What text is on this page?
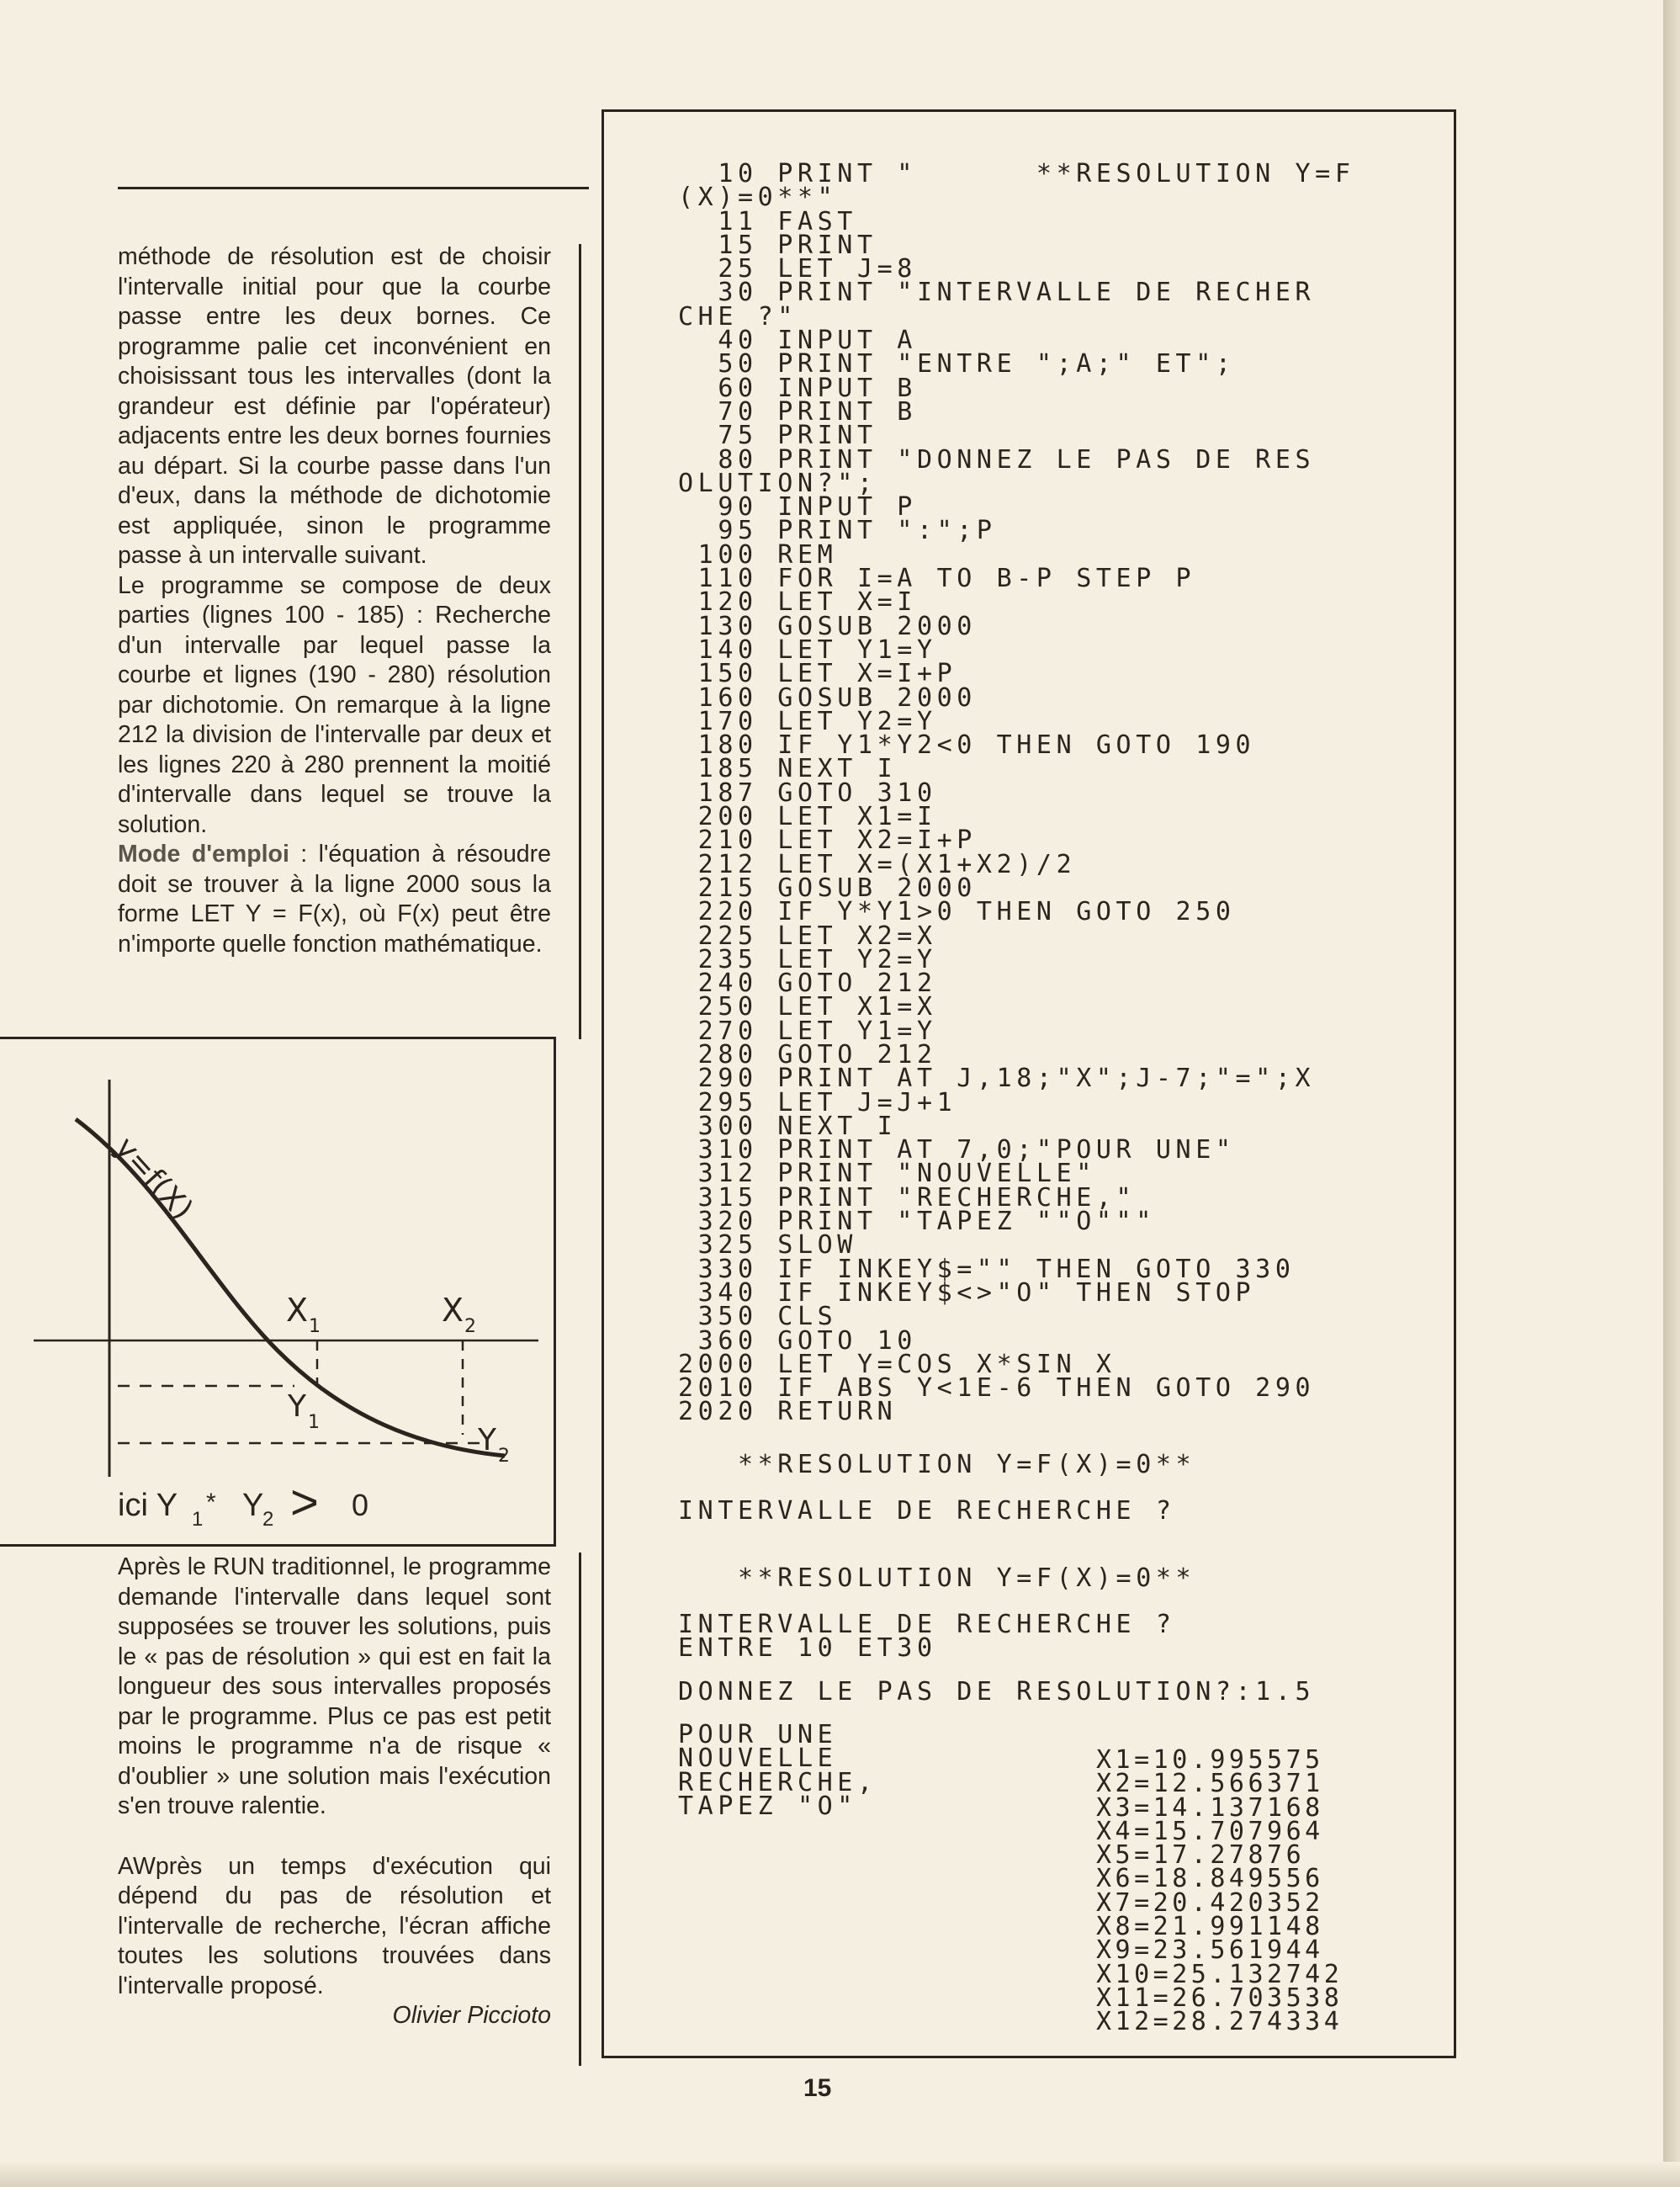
méthode de résolution est de choisir l'intervalle initial pour que la courbe passe entre les deux bornes. Ce programme palie cet inconvénient en choisissant tous les intervalles (dont la grandeur est définie par l'opérateur) adjacents entre les deux bornes fournies au départ. Si la courbe passe dans l'un d'eux, dans la méthode de dichotomie est appliquée, sinon le programme passe à un intervalle suivant.

Le programme se compose de deux parties (lignes 100 - 185) : Recherche d'un intervalle par lequel passe la courbe et lignes (190 - 280) résolution par dichotomie. On remarque à la ligne 212 la division de l'intervalle par deux et les lignes 220 à 280 prennent la moitié d'intervalle dans lequel se trouve la solution.

Mode d'emploi : l'équation à résoudre doit se trouver à la ligne 2000 sous la forme LET Y = F(x), où F(x) peut être n'importe quelle fonction mathématique.

y=f(X)
X 1	X 2
Y 1
Y 2
ici Y 1
* Y
2 > 0

Après le RUN traditionnel, le programme demande l'intervalle dans lequel sont supposées se trouver les solutions, puis le « pas de résolution » qui est en fait la longueur des sous intervalles proposés par le programme. Plus ce pas est petit moins le programme n'a de risque « d'oublier » une solution mais l'exécution s'en trouve ralentie.

AWprès un temps d'exécution qui dépend du pas de résolution et l'intervalle de recherche, l'écran affiche toutes les solutions trouvées dans l'intervalle proposé.

Olivier Piccioto

10 PRINT "      **RESOLUTION Y=F
(X)=0**"
11 FAST
15 PRINT
25 LET J=8
30 PRINT "INTERVALLE DE RECHER
CHE ?"
40 INPUT A
50 PRINT "ENTRE ";A;" ET";
60 INPUT B
70 PRINT B
75 PRINT
80 PRINT "DONNEZ LE PAS DE RES
OLUTION?";
90 INPUT P
95 PRINT ":";P
100 REM
110 FOR I=A TO B-P STEP P
120 LET X=I
130 GOSUB 2000
140 LET Y1=Y
150 LET X=I+P
160 GOSUB 2000
170 LET Y2=Y
180 IF Y1*Y2<0 THEN GOTO 190
185 NEXT I
187 GOTO 310
200 LET X1=I
210 LET X2=I+P
212 LET X=(X1+X2)/2
215 GOSUB 2000
220 IF Y*Y1>0 THEN GOTO 250
225 LET X2=X
235 LET Y2=Y
240 GOTO 212
250 LET X1=X
270 LET Y1=Y
280 GOTO 212
290 PRINT AT J,18;"X";J-7;"=";X
295 LET J=J+1
300 NEXT I
310 PRINT AT 7,0;"POUR UNE"
312 PRINT "NOUVELLE"
315 PRINT "RECHERCHE,"
320 PRINT "TAPEZ ""O"""
325 SLOW
330 IF INKEY$="" THEN GOTO 330
340 IF INKEY$<>"O" THEN STOP
350 CLS
360 GOTO 10
2000 LET Y=COS X*SIN X
2010 IF ABS Y<1E-6 THEN GOTO 290
2020 RETURN
**RESOLUTION Y=F(X)=0**
INTERVALLE DE RECHERCHE ?
**RESOLUTION Y=F(X)=0**
INTERVALLE DE RECHERCHE ?
ENTRE 10 ET30
DONNEZ LE PAS DE RESOLUTION?:1.5
POUR UNE
NOUVELLE
RECHERCHE,
TAPEZ "O"
X1=10.995575
X2=12.566371
X3=14.137168
X4=15.707964
X5=17.27876
X6=18.849556
X7=20.420352
X8=21.991148
X9=23.561944
X10=25.132742
X11=26.703538
X12=28.274334
15
